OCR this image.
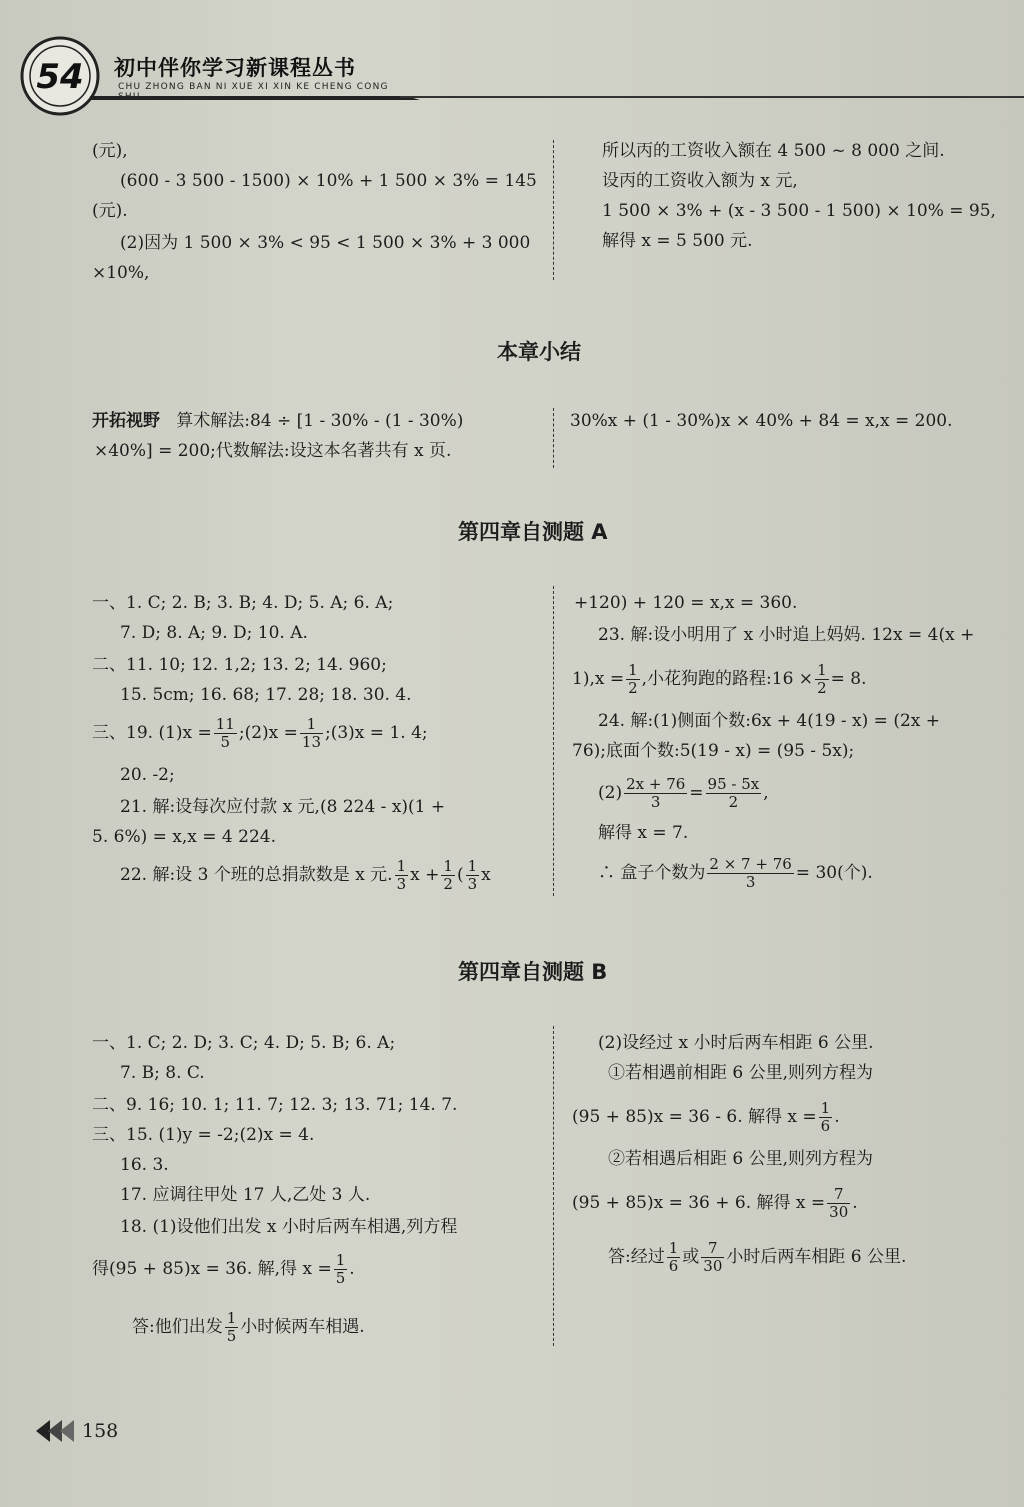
54 初中伴你学习新课程丛书
CHU ZHONG BAN NI XUE XI XIN KE CHENG CONG
(元),
(600 - 3 500 - 1500) × 10% + 1 500 × 3% = 145
(元).
(2)因为 1 500 × 3% < 95 < 1 500 × 3% + 3 000
×10%,
所以丙的工资收入额在 4 500 ~ 8 000 之间.
设丙的工资收入额为 x 元,
1 500 × 3% + (x - 3 500 - 1 500) × 10% = 95,
解得 x = 5 500 元.
本章小结
开拓视野 算术解法:84 ÷ [1 - 30% - (1 - 30%)
×40%] = 200;代数解法:设这本名著共有 x 页.
30%x + (1 - 30%)x × 40% + 84 = x,x = 200.
第四章自测题 A
一、1. C; 2. B; 3. B; 4. D; 5. A; 6. A;
7. D; 8. A; 9. D; 10. A.
二、11. 10; 12. 1,2; 13. 2; 14. 960;
15. 5cm; 16. 68; 17. 28; 18. 30. 4.
三、19. $(1)x = \frac{11}{5}$ ;(2)x = $\frac{1}{13}$ ;(3)x = 1. 4;
20. -2;
21. 解:设每次应付款 x 元,(8 224 - x)(1 +
5. 6%) = x,x = 4 224.
22. 解:设 3 个班的总捐款数是 x 元. $\frac{1}{3}$ $x + \frac{1}{2}$ ( $\frac{1}{3}$ x
+120) + 120 = x,x = 360.
23. 解:设小明用了 x 小时追上妈妈. 12x = 4(x +
$1),x = \frac{1}{2}$ ,小花狗跑的路程:16 × $\frac{1}{2} = 8$.
24. 解:(1)侧面个数:6x + 4(19 - x) = (2x +
76);底面个数:5(19 - x) = (95 - 5x);
$(2) \frac{2x + 76}{3} = \frac{95 - 5x}{2}$ ,
解得 x = 7.
∴ 盒子个数为 $\frac{2 \times 7 + 76}{3} = 30$(个).
第四章自测题 B
一、1. C; 2. D; 3. C; 4. D; 5. B; 6. A;
7. B; 8. C.
二、9. 16; 10. 1; 11. 7; 12. 3; 13. 71; 14. 7.
三、15. (1)y = -2;(2)x = 4.
16. 3.
17. 应调往甲处 17 人,乙处 3 人.
18. (1)设他们出发 x 小时后两车相遇,列方程
得(95 + 85)x = 36. 解,得 $x = \frac{1}{5}$ .
答:他们出发 $\frac{1}{5}$ 小时候两车相遇.
(2)设经过 x 小时后两车相距 6 公里.
①若相遇前相距 6 公里,则列方程为
(95 + 85)x = 36 - 6. 解得 $x = \frac{1}{6}$ .
②若相遇后相距 6 公里,则列方程为
(95 + 85)x = 36 + 6. 解得 $x = \frac{7}{30}$ .
答:经过 $\frac{1}{6}$ 或 $\frac{7}{30}$ 小时后两车相距 6 公里.
158
